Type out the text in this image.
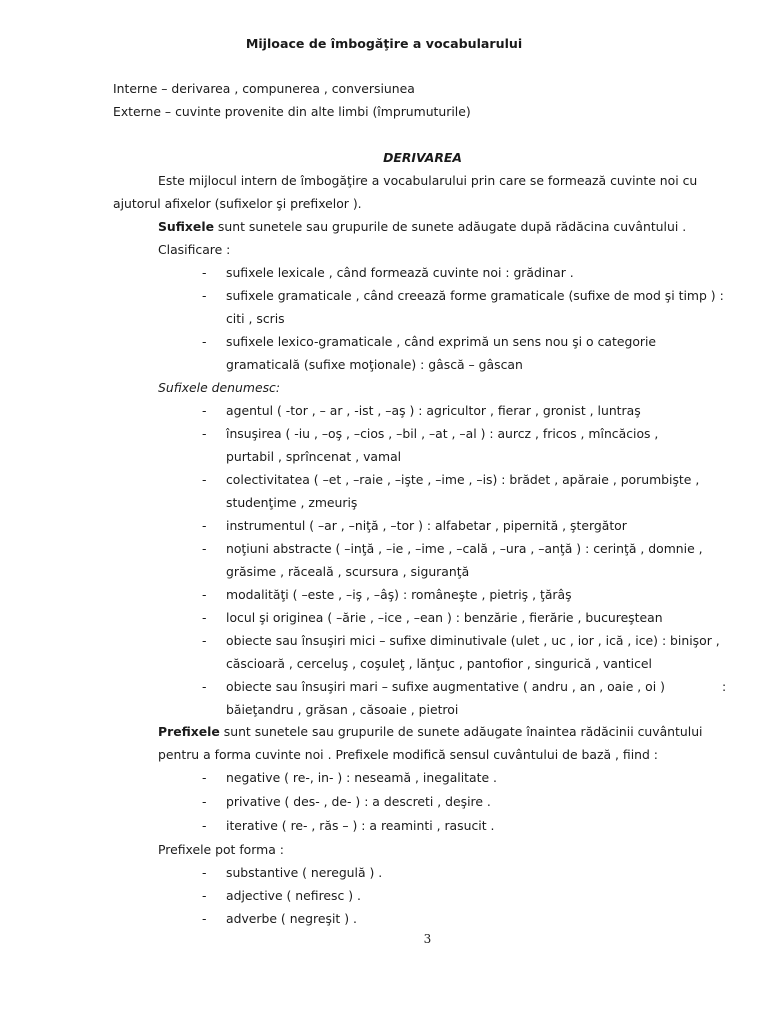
Mijloace de îmbogăţire a vocabularului
Interne – derivarea , compunerea , conversiunea
Externe – cuvinte provenite din alte limbi (împrumuturile)
DERIVAREA
Este mijlocul intern de îmbogăţire a vocabularului prin care se formează cuvinte noi cu
ajutorul afixelor (sufixelor şi prefixelor ).
Sufixele sunt sunetele sau grupurile de sunete adăugate după rădăcina cuvântului .
Clasificare :
- sufixele lexicale , când formează cuvinte noi : grădinar .
- sufixele gramaticale , când creează forme gramaticale (sufixe de mod şi timp ) :
citi , scris
- sufixele lexico-gramaticale , când exprimă un sens nou şi o categorie
gramaticală (sufixe moţionale) : gâscă – gâscan
Sufixele denumesc:
- agentul ( -tor , – ar , -ist , –aş ) : agricultor , fierar , gronist , luntraş
- însuşirea ( -iu , –oş , –cios , –bil , –at , –al ) : aurcz , fricos , mîncăcios ,
purtabil , sprîncenat , vamal
- colectivitatea ( –et , –raie , –işte , –ime , –is) : brădet , apăraie , porumbişte ,
studenţime , zmeuriş
- instrumentul ( –ar , –niţă , –tor ) : alfabetar , pipernită , ştergător
- noţiuni abstracte ( –inţă , –ie , –ime , –cală , –ura , –anţă ) : cerinţă , domnie ,
grăsime , răceală , scursura , siguranţă
- modalităţi ( –este , –iş , –âş) : româneşte , pietriş , ţărâş
- locul şi originea ( –ărie , –ice , –ean ) : benzărie , fierărie , bucureştean
- obiecte sau însuşiri mici – sufixe diminutivale (ulet , uc , ior , ică , ice) : binişor ,
căscioară , cerceluş , coşuleţ , lănţuc , pantofior , singurică , vanticel
- obiecte sau însuşiri mari – sufixe augmentative ( andru , an , oaie , oi )	:
băieţandru , grăsan , căsoaie , pietroi
Prefixele sunt sunetele sau grupurile de sunete adăugate înaintea rădăcinii cuvântului
pentru a forma cuvinte noi . Prefixele modifică sensul cuvântului de bază , fiind :
- negative ( re-, in- ) : neseamă , inegalitate .
- privative ( des- , de- ) : a descreti , deşire .
- iterative ( re- , răs – ) : a reaminti , rasucit .
Prefixele pot forma :
- substantive ( neregulă ) .
- adjective ( nefiresc ) .
- adverbe ( negreşit ) .
3
